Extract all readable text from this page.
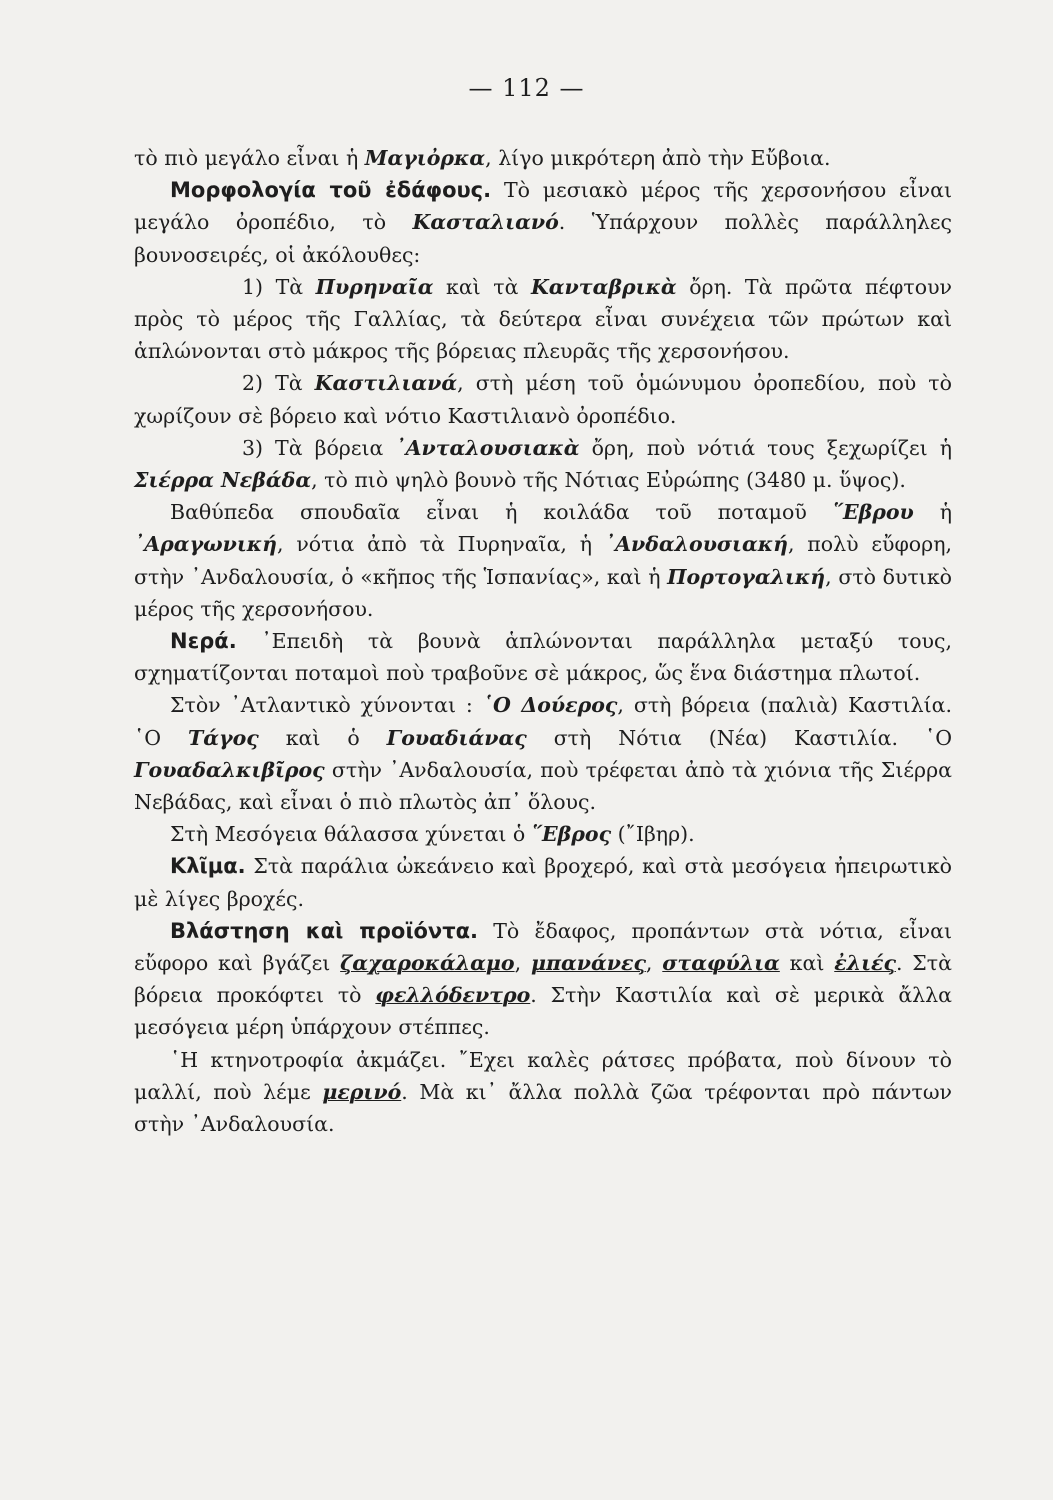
— 112 —

τὸ πιὸ μεγάλο εἶναι ἡ Μαγιὀρκα, λίγο μικρότερη ἀπὸ τὴν Εὔβοια.

Μορφολογία τοῦ ἐδάφους. Τὸ μεσιακὸ μέρος τῆς χερσονήσου εἶναι μεγάλο ὀροπέδιο, τὸ Κασταλιανό. Ὑπάρχουν πολλὲς παράλληλες βουνοσειρές, οἱ ἀκόλουθες:

1) Τὰ Πυρηναῖα καὶ τὰ Κανταβρικὰ ὄρη. Τὰ πρῶτα πέφτουν πρὸς τὸ μέρος τῆς Γαλλίας, τὰ δεύτερα εἶναι συνέχεια τῶν πρώτων καὶ ἁπλώνονται στὸ μάκρος τῆς βόρειας πλευρᾶς τῆς χερσονήσου.

2) Τὰ Καστιλιανά, στὴ μέση τοῦ ὁμώνυμου ὀροπεδίου, ποὺ τὸ χωρίζουν σὲ βόρειο καὶ νότιο Καστιλιανὸ ὀροπέδιο.

3) Τὰ βόρεια ᾿Ανταλουσιακὰ ὄρη, ποὺ νότιά τους ξεχωρίζει ἡ Σιέρρα Νεβάδα, τὸ πιὸ ψηλὸ βουνὸ τῆς Νότιας Εὐρώπης (3480 μ. ὕψος).

Βαθύπεδα σπουδαῖα εἶναι ἡ κοιλάδα τοῦ ποταμοῦ ῞Εβρου ἡ ᾿Αραγωνική, νότια ἀπὸ τὰ Πυρηναῖα, ἡ ᾿Ανδαλουσιακή, πολὺ εὔφορη, στὴν ᾿Ανδαλουσία, ὁ «κῆπος τῆς Ἱσπανίας», καὶ ἡ Πορτογαλική, στὸ δυτικὸ μέρος τῆς χερσονήσου.

Νερά. ᾿Επειδὴ τὰ βουνὰ ἁπλώνονται παράλληλα μεταξύ τους, σχηματίζονται ποταμοὶ ποὺ τραβοῦνε σὲ μάκρος, ὥς ἕνα διάστημα πλωτοί.

Στὸν ᾿Ατλαντικὸ χύνονται : ῾Ο Δούερος, στὴ βόρεια (παλιὰ) Καστιλία. ῾Ο Τάγος καὶ ὁ Γουαδιάνας στὴ Νότια (Νέα) Καστιλία. ῾Ο Γουαδαλκιβῖρος στὴν ᾿Ανδαλουσία, ποὺ τρέφεται ἀπὸ τὰ χιόνια τῆς Σιέρρα Νεβάδας, καὶ εἶναι ὁ πιὸ πλωτὸς ἀπ᾿ ὅλους.

Στὴ Μεσόγεια θάλασσα χύνεται ὁ ῞Εβρος (῎Ιβηρ).

Κλῖμα. Στὰ παράλια ὠκεάνειο καὶ βροχερό, καὶ στὰ μεσόγεια ἠπειρωτικὸ μὲ λίγες βροχές.

Βλάστηση καὶ προϊόντα. Τὸ ἔδαφος, προπάντων στὰ νότια, εἶναι εὔφορο καὶ βγάζει ζαχαροκάλαμο, μπανάνες, σταφύλια καὶ ἐλιές. Στὰ βόρεια προκόφτει τὸ φελλόδεντρο. Στὴν Καστιλία καὶ σὲ μερικὰ ἄλλα μεσόγεια μέρη ὑπάρχουν στέππες.

῾Η κτηνοτροφία ἀκμάζει. ῎Εχει καλὲς ράτσες πρόβατα, ποὺ δίνουν τὸ μαλλί, ποὺ λέμε μερινό. Μὰ κι᾿ ἄλλα πολλὰ ζῶα τρέφονται πρὸ πάντων στὴν ᾿Ανδαλουσία.
